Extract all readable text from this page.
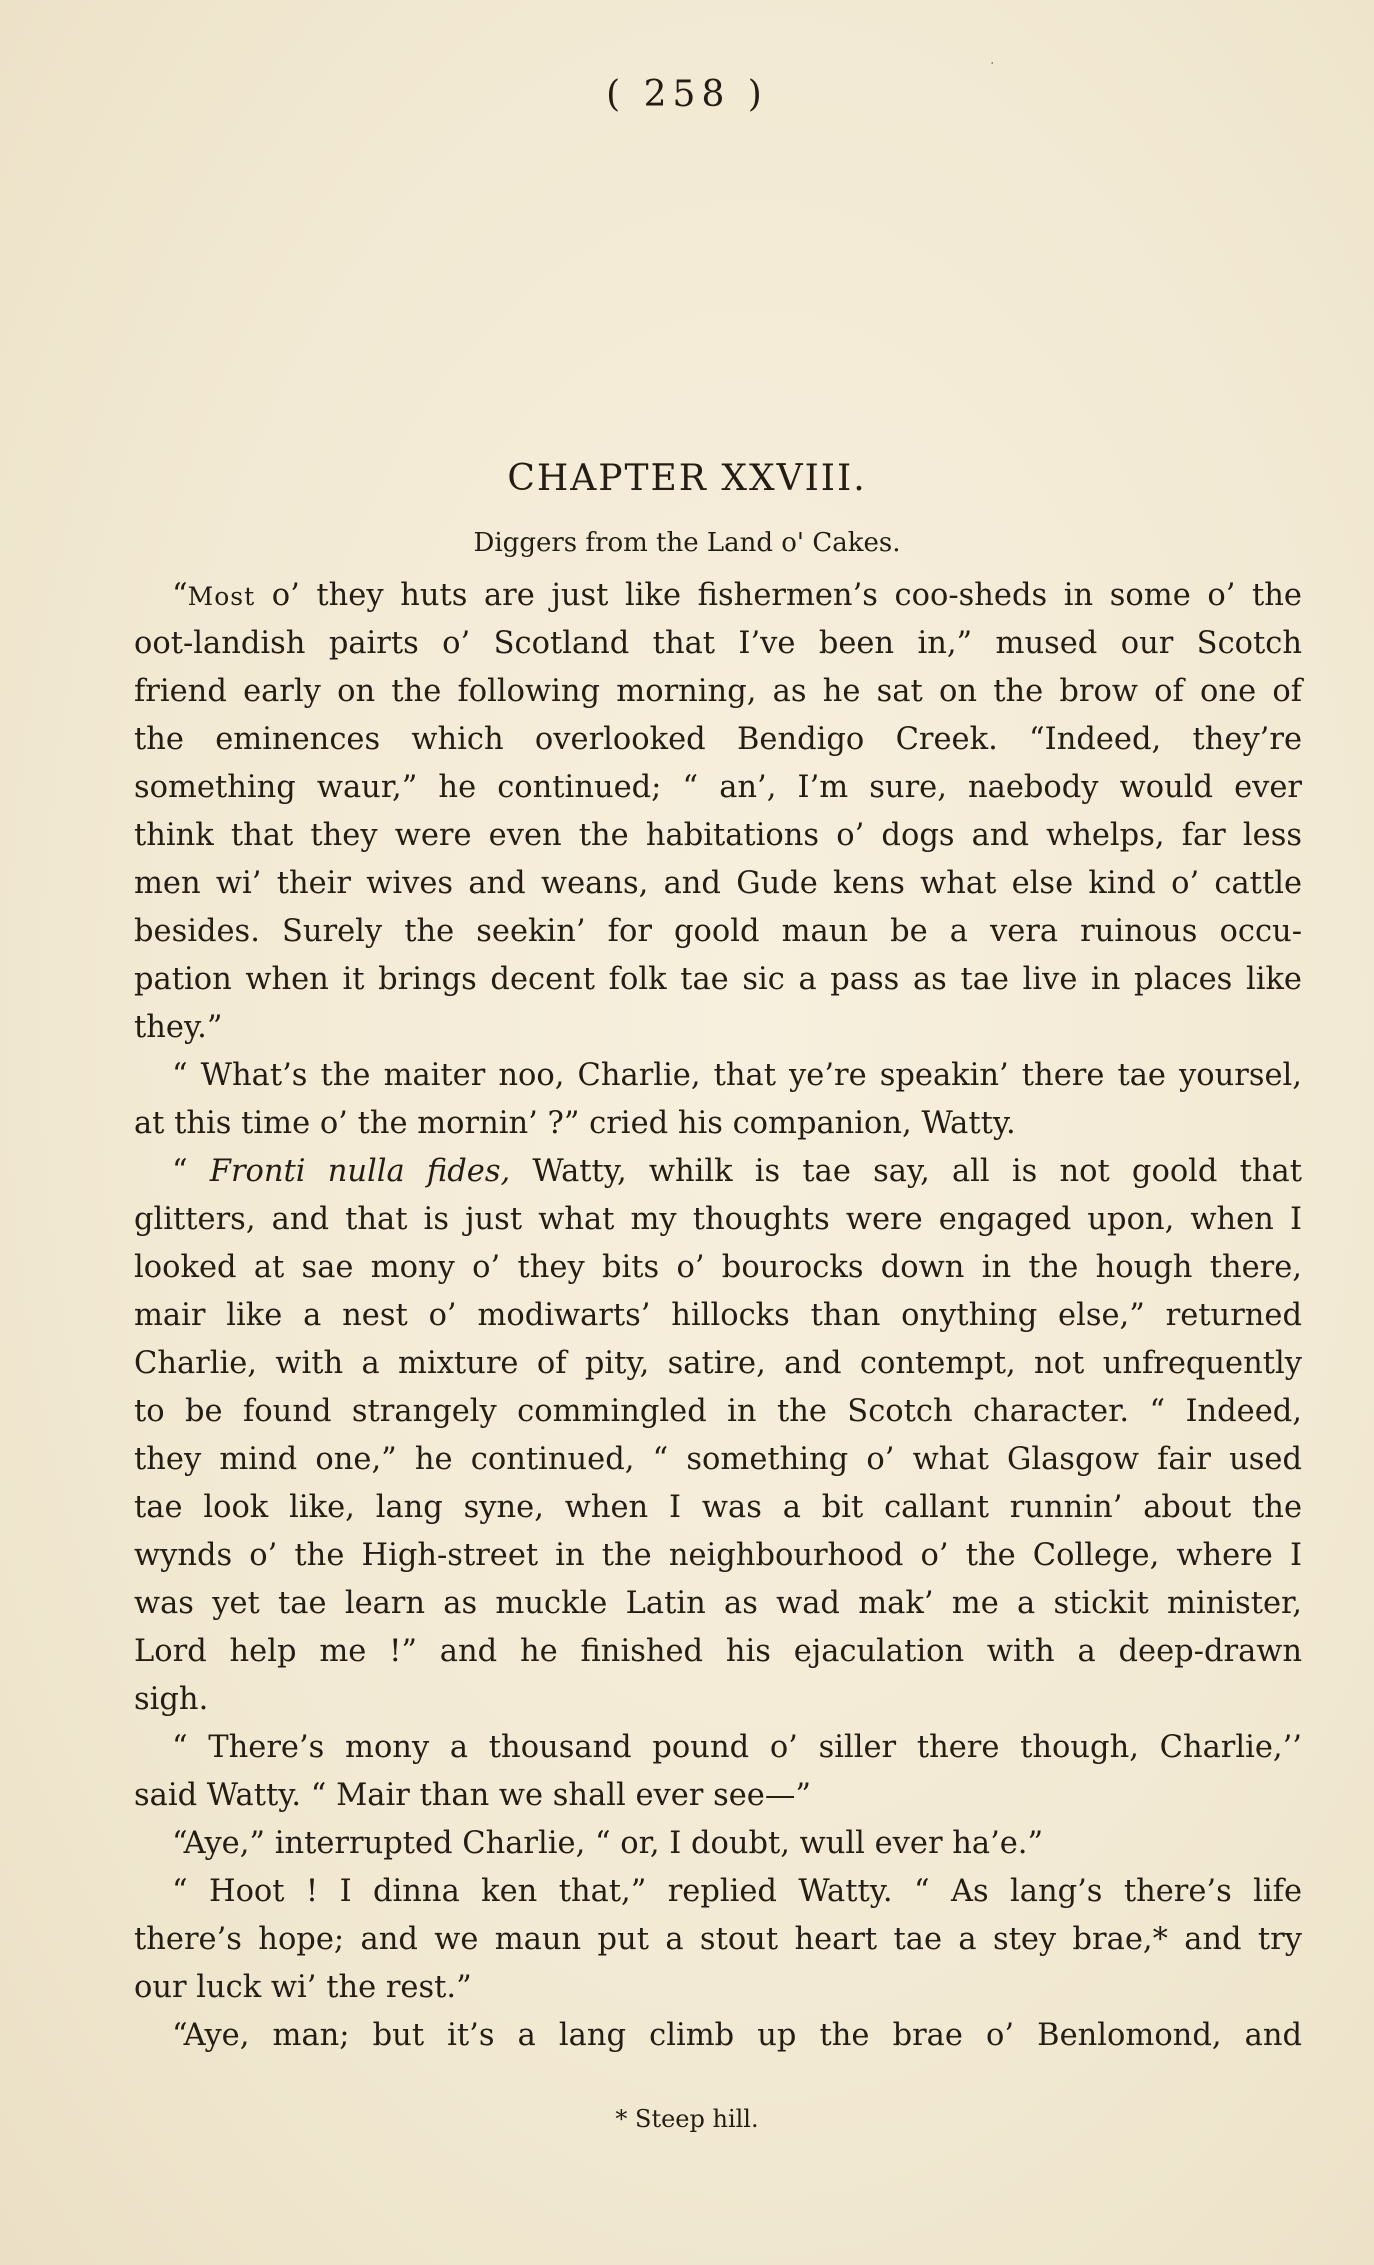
‧
( 258 )
CHAPTER XXVIII.
Diggers from the Land o' Cakes.
“Most o’ they huts are just like fishermen’s coo-sheds in some o’ the
oot-landish pairts o’ Scotland that I’ve been in,” mused our Scotch
friend early on the following morning, as he sat on the brow of one of
the eminences which overlooked Bendigo Creek. “Indeed, they’re
something waur,” he continued; “ an’, I’m sure, naebody would ever
think that they were even the habitations o’ dogs and whelps, far less
men wi’ their wives and weans, and Gude kens what else kind o’ cattle
besides. Surely the seekin’ for goold maun be a vera ruinous occu-
pation when it brings decent folk tae sic a pass as tae live in places like
they.”
“ What’s the maiter noo, Charlie, that ye’re speakin’ there tae yoursel,
at this time o’ the mornin’ ?” cried his companion, Watty.
“ Fronti nulla fides, Watty, whilk is tae say, all is not goold that
glitters, and that is just what my thoughts were engaged upon, when I
looked at sae mony o’ they bits o’ bourocks down in the hough there,
mair like a nest o’ modiwarts’ hillocks than onything else,” returned
Charlie, with a mixture of pity, satire, and contempt, not unfrequently
to be found strangely commingled in the Scotch character. “ Indeed,
they mind one,” he continued, “ something o’ what Glasgow fair used
tae look like, lang syne, when I was a bit callant runnin’ about the
wynds o’ the High-street in the neighbourhood o’ the College, where I
was yet tae learn as muckle Latin as wad mak’ me a stickit minister,
Lord help me !” and he finished his ejaculation with a deep-drawn
sigh.
“ There’s mony a thousand pound o’ siller there though, Charlie,’’
said Watty. “ Mair than we shall ever see—”
“Aye,” interrupted Charlie, “ or, I doubt, wull ever ha’e.”
“ Hoot ! I dinna ken that,” replied Watty. “ As lang’s there’s life
there’s hope; and we maun put a stout heart tae a stey brae,* and try
our luck wi’ the rest.”
“Aye, man; but it’s a lang climb up the brae o’ Benlomond, and
* Steep hill.
